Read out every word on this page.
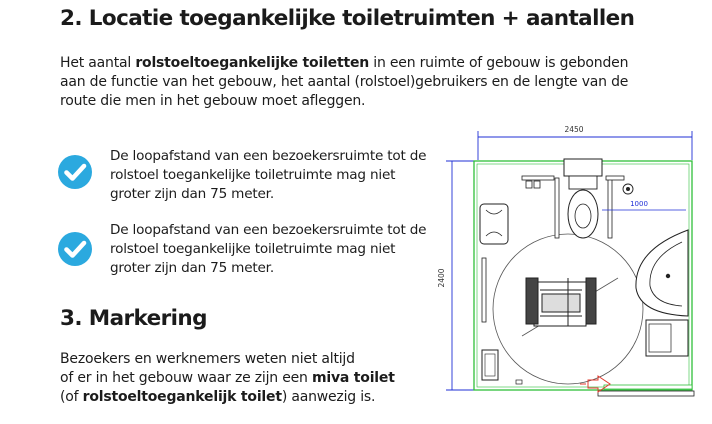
2. Locatie toegankelijke toiletruimten + aantallen
Het aantal rolstoeltoegankelijke toiletten in een ruimte of gebouw is gebonden aan de functie van het gebouw, het aantal (rolstoel)gebruikers en de lengte van de route die men in het gebouw moet afleggen.
De loopafstand van een bezoekersruimte tot de rolstoel toegankelijke toiletruimte mag niet groter zijn dan 75 meter.
De loopafstand van een bezoekersruimte tot de rolstoel toegankelijke toiletruimte mag niet groter zijn dan 75 meter.
3. Markering
Bezoekers en werknemers weten niet altijd
of er in het gebouw waar ze zijn een miva toilet
(of rolstoeltoegankelijk toilet) aanwezig is.
2450
2400
1000
